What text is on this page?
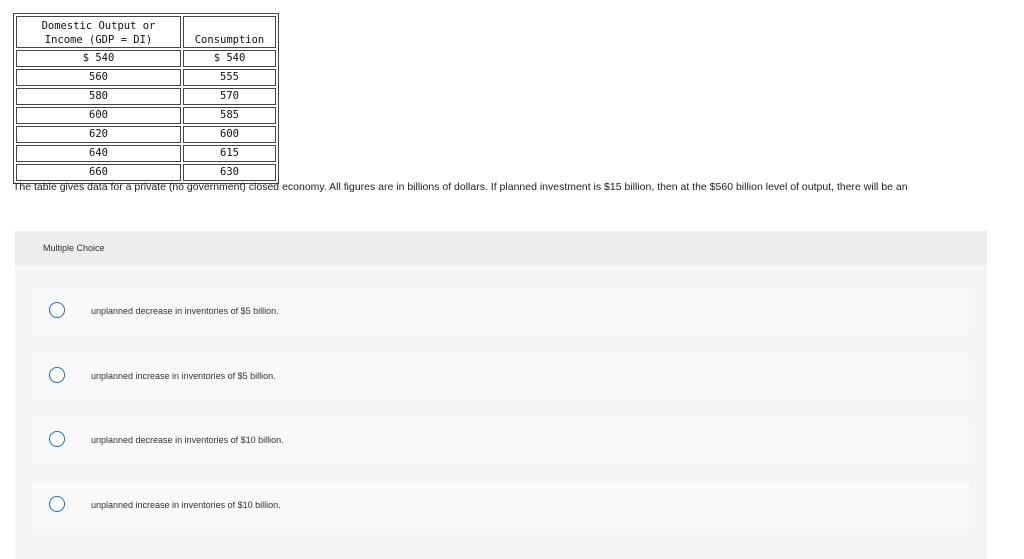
Domestic Output or
Income (GDP = DI)	Consumption
$ 540	$ 540
560	555
580	570
600	585
620	600
640	615
660	630
The table gives data for a private (no government) closed economy. All figures are in billions of dollars. If planned investment is $15 billion, then at the $560 billion level of output, there will be an
Multiple Choice
unplanned decrease in inventories of $5 billion.
unplanned increase in inventories of $5 billion.
unplanned decrease in inventories of $10 billion.
unplanned increase in inventories of $10 billion.
